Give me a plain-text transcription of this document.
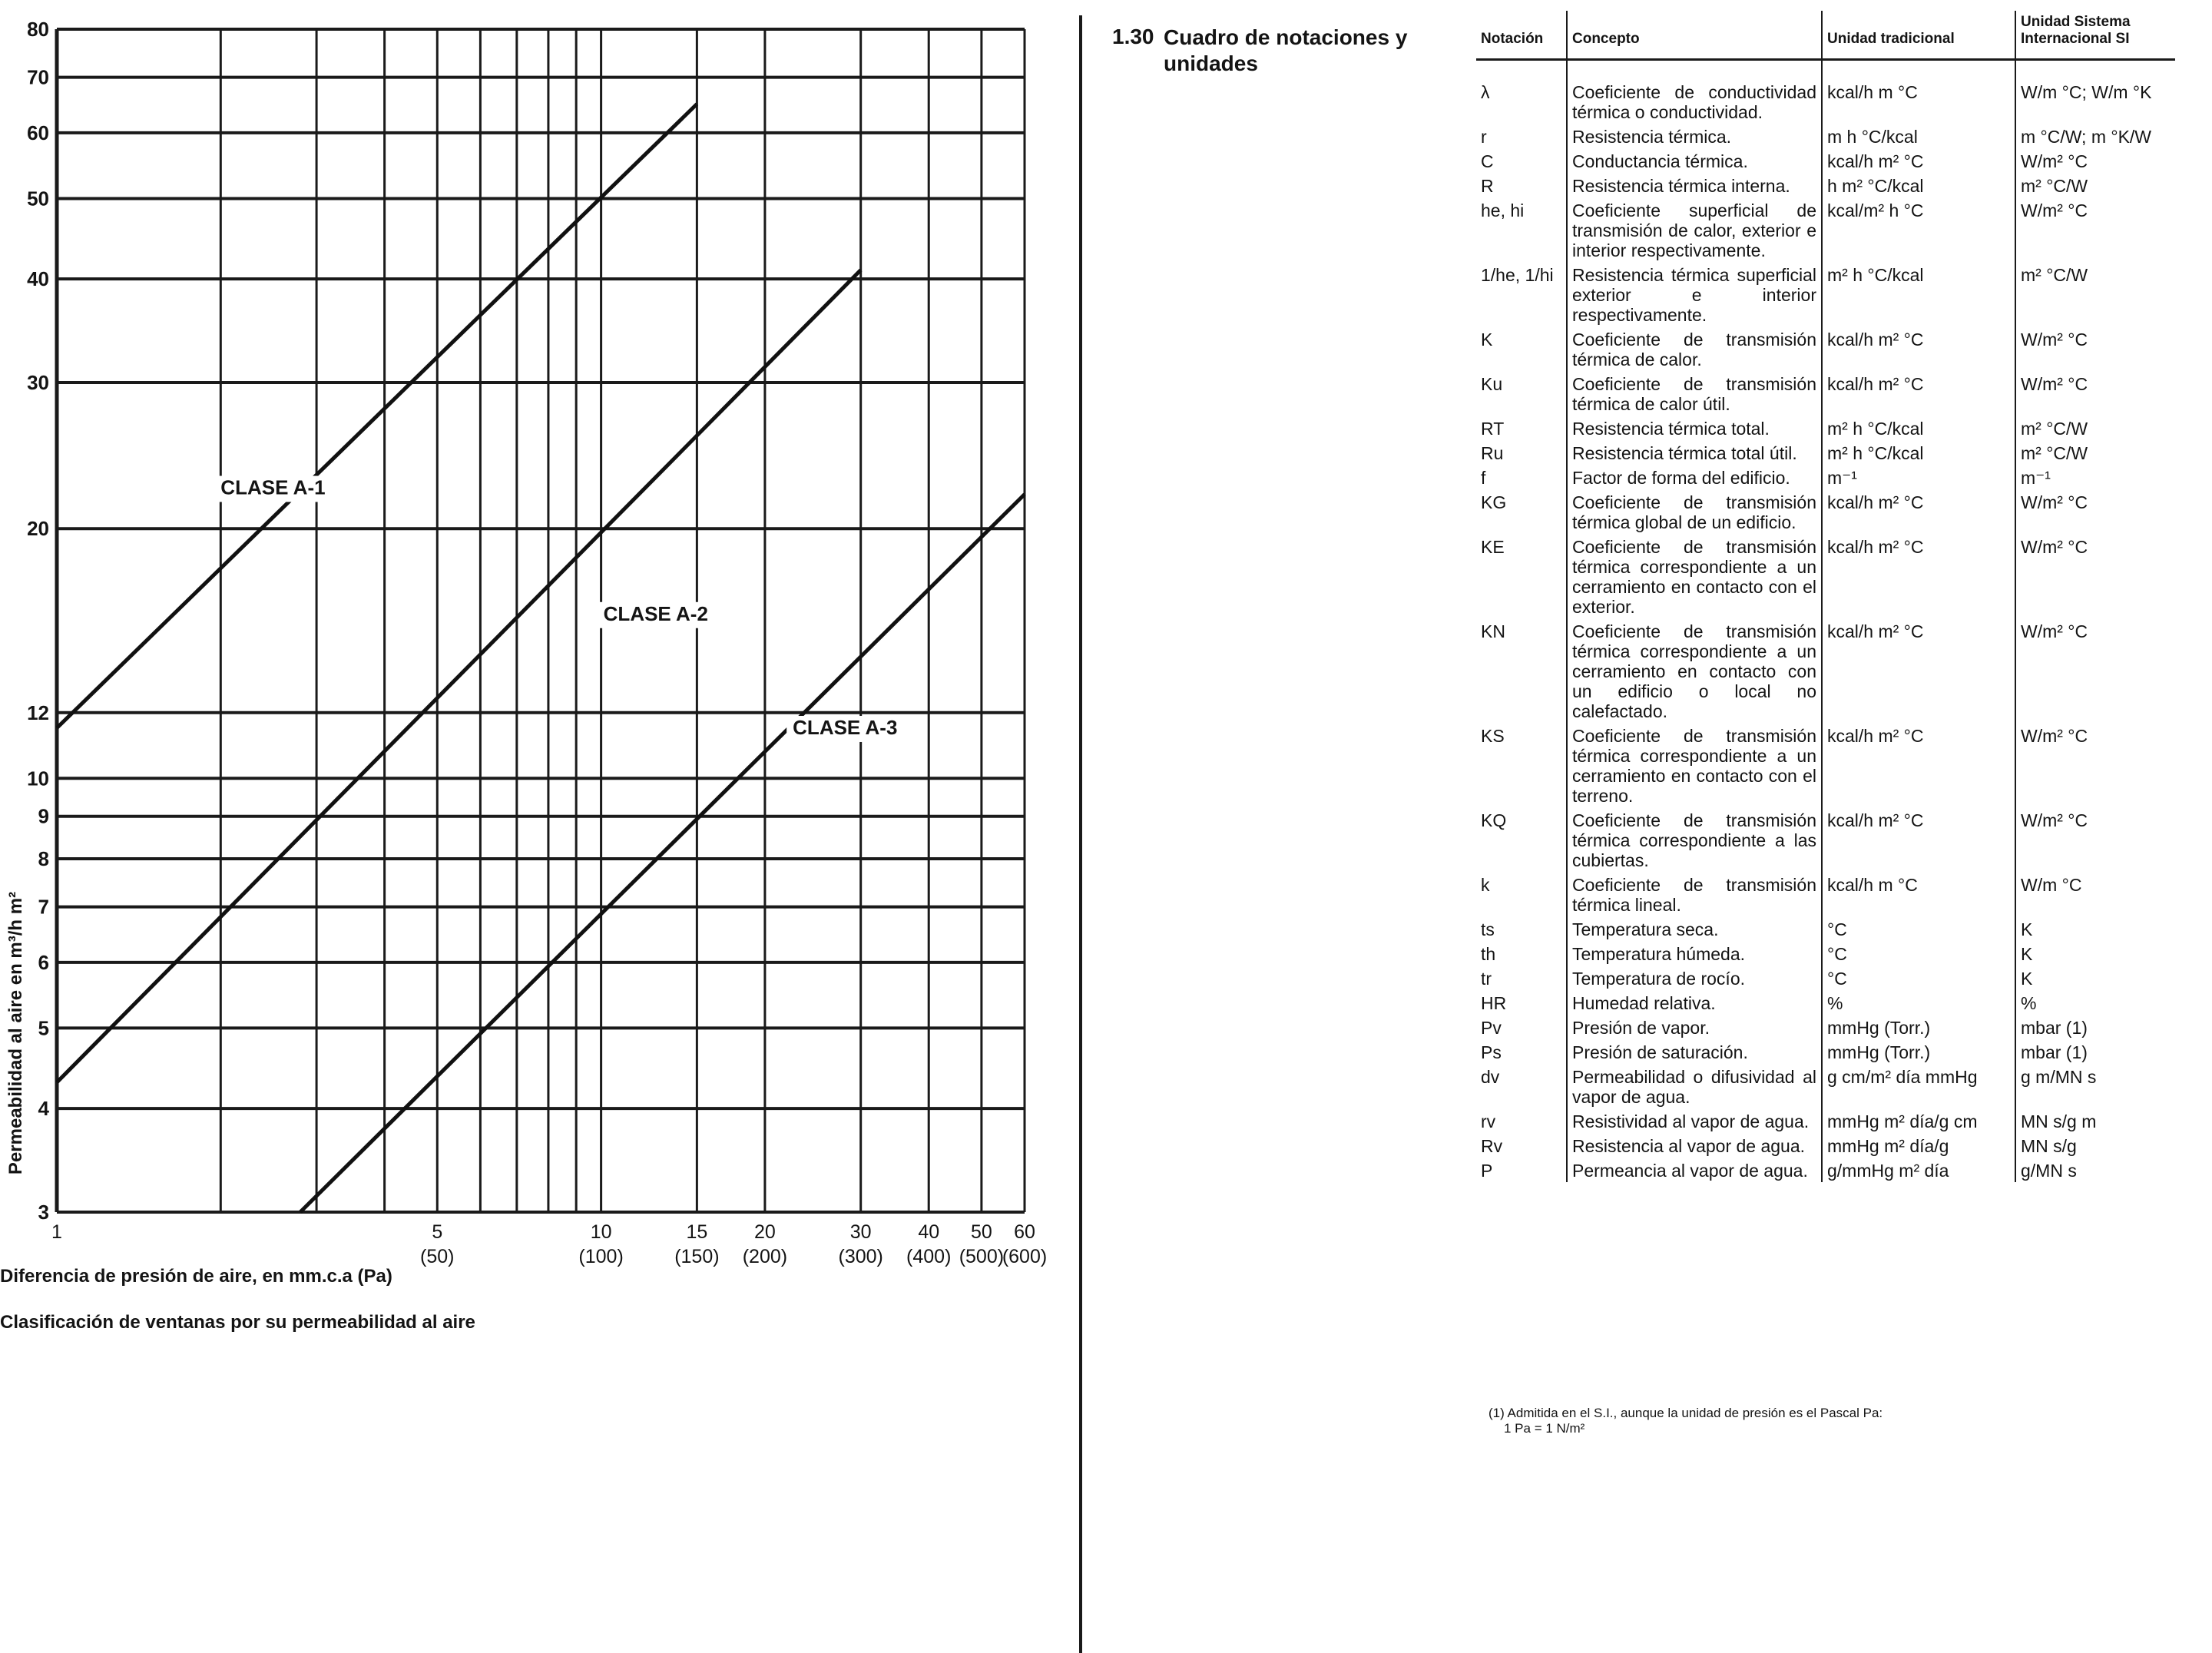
CLASE A-1
CLASE A-2
CLASE A-3
3
4
5
6
7
8
9
10
12
20
30
40
50
60
70
80
1	5
(50)
10
(100)
15
(150)
20
(200)
30
(300)
40
(400)
50
(500)
60
(600)
Permeabilidad al aire en m³/h m²
Diferencia de presión de aire, en mm.c.a (Pa)
Clasificación de ventanas por su permeabilidad al aire
1.30 Cuadro de notaciones y unidades
Notación	Concepto	Unidad tradicional	Unidad Sistema Internacional SI
λ	Coeficiente de conductividad térmica o conductividad.	kcal/h m °C	W/m °C; W/m °K
r	Resistencia térmica.	m h °C/kcal	m °C/W; m °K/W
C	Conductancia térmica.	kcal/h m² °C	W/m² °C
R	Resistencia térmica interna.	h m² °C/kcal	m² °C/W
he, hi	Coeficiente superficial de transmisión de calor, exterior e interior respectivamente.	kcal/m² h °C	W/m² °C
1/he, 1/hi	Resistencia térmica superficial exterior e interior respectivamente.	m² h °C/kcal	m² °C/W
K	Coeficiente de transmisión térmica de calor.	kcal/h m² °C	W/m² °C
Ku	Coeficiente de transmisión térmica de calor útil.	kcal/h m² °C	W/m² °C
RT	Resistencia térmica total.	m² h °C/kcal	m² °C/W
Ru	Resistencia térmica total útil.	m² h °C/kcal	m² °C/W
f	Factor de forma del edificio.	m⁻¹	m⁻¹
KG	Coeficiente de transmisión térmica global de un edificio.	kcal/h m² °C	W/m² °C
KE	Coeficiente de transmisión térmica correspondiente a un cerramiento en contacto con el exterior.	kcal/h m² °C	W/m² °C
KN	Coeficiente de transmisión térmica correspondiente a un cerramiento en contacto con un edificio o local no calefactado.	kcal/h m² °C	W/m² °C
KS	Coeficiente de transmisión térmica correspondiente a un cerramiento en contacto con el terreno.	kcal/h m² °C	W/m² °C
KQ	Coeficiente de transmisión térmica correspondiente a las cubiertas.	kcal/h m² °C	W/m² °C
k	Coeficiente de transmisión térmica lineal.	kcal/h m °C	W/m °C
ts	Temperatura seca.	°C	K
th	Temperatura húmeda.	°C	K
tr	Temperatura de rocío.	°C	K
HR	Humedad relativa.	%	%
Pv	Presión de vapor.	mmHg (Torr.)	mbar (1)
Ps	Presión de saturación.	mmHg (Torr.)	mbar (1)
dv	Permeabilidad o difusividad al vapor de agua.	g cm/m² día mmHg	g m/MN s
rv	Resistividad al vapor de agua.	mmHg m² día/g cm	MN s/g m
Rv	Resistencia al vapor de agua.	mmHg m² día/g	MN s/g
P	Permeancia al vapor de agua.	g/mmHg m² día	g/MN s
(1) Admitida en el S.I., aunque la unidad de presión es el Pascal Pa:
1 Pa = 1 N/m²
